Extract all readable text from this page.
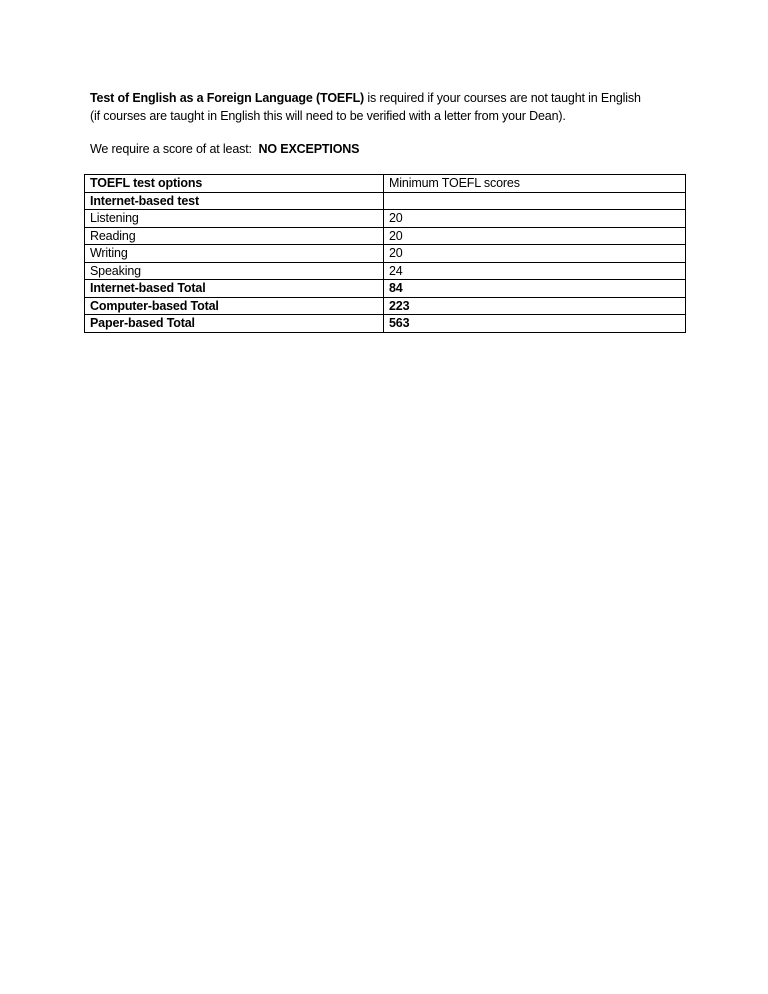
Test of English as a Foreign Language (TOEFL) is required if your courses are not taught in English
(if courses are taught in English this will need to be verified with a letter from your Dean).
We require a score of at least:  NO EXCEPTIONS
TOEFL test options	Minimum TOEFL scores
Internet-based test	
Listening	20
Reading	20
Writing	20
Speaking	24
Internet-based Total	84
Computer-based Total	223
Paper-based Total	563
